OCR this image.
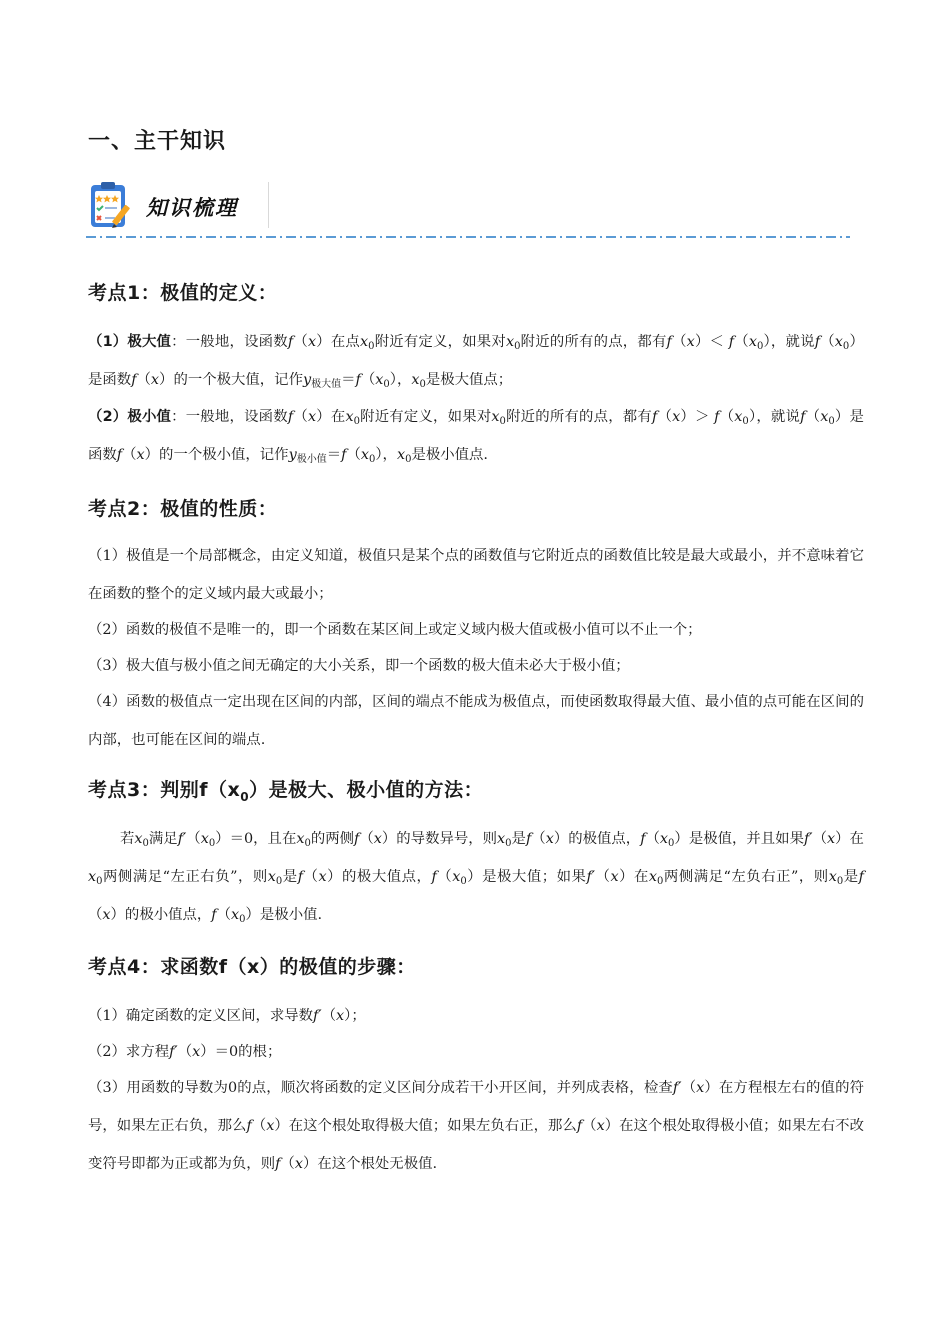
一、主干知识
知识梳理
考点1：极值的定义：
（1）极大值：一般地，设函数f（x）在点$x_0$附近有定义，如果对$x_0$附近的所有的点，都有$f(x)< f(x_0)$，就说$f(x_0)$是函数f（x）的一个极大值，记作$y_{极大值}=f(x_0)$，$x_0$是极大值点；
（2）极小值：一般地，设函数f（x）在$x_0$附近有定义，如果对$x_0$附近的所有的点，都有$f(x)> f(x_0)$，就说$f(x_0)$是函数f（x）的一个极小值，记作$y_{极小值}=f(x_0)$，$x_0$是极小值点.
考点2：极值的性质：
（1）极值是一个局部概念，由定义知道，极值只是某个点的函数值与它附近点的函数值比较是最大或最小，并不意味着它在函数的整个的定义域内最大或最小；
（2）函数的极值不是唯一的，即一个函数在某区间上或定义域内极大值或极小值可以不止一个；
（3）极大值与极小值之间无确定的大小关系，即一个函数的极大值未必大于极小值；
（4）函数的极值点一定出现在区间的内部，区间的端点不能成为极值点，而使函数取得最大值、最小值的点可能在区间的内部，也可能在区间的端点.
考点3：判别$f(x_0)$是极大、极小值的方法：
若$x_0$满足$f'(x_0)=0$，且在$x_0$的两侧f（x）的导数异号，则$x_0$是f（x）的极值点，$f(x_0)$是极值，并且如果f′（x）在$x_0$两侧满足“左正右负”，则$x_0$是f（x）的极大值点，$f(x_0)$是极大值；如果f′（x）在$x_0$两侧满足“左负右正”，则$x_0$是f（x）的极小值点，$f(x_0)$是极小值.
考点4：求函数f（x）的极值的步骤：
（1）确定函数的定义区间，求导数f′（x）；
（2）求方程f′（x）＝0的根；
（3）用函数的导数为0的点，顺次将函数的定义区间分成若干小开区间，并列成表格，检查f′（x）在方程根左右的值的符号，如果左正右负，那么f（x）在这个根处取得极大值；如果左负右正，那么f（x）在这个根处取得极小值；如果左右不改变符号即都为正或都为负，则f（x）在这个根处无极值.
